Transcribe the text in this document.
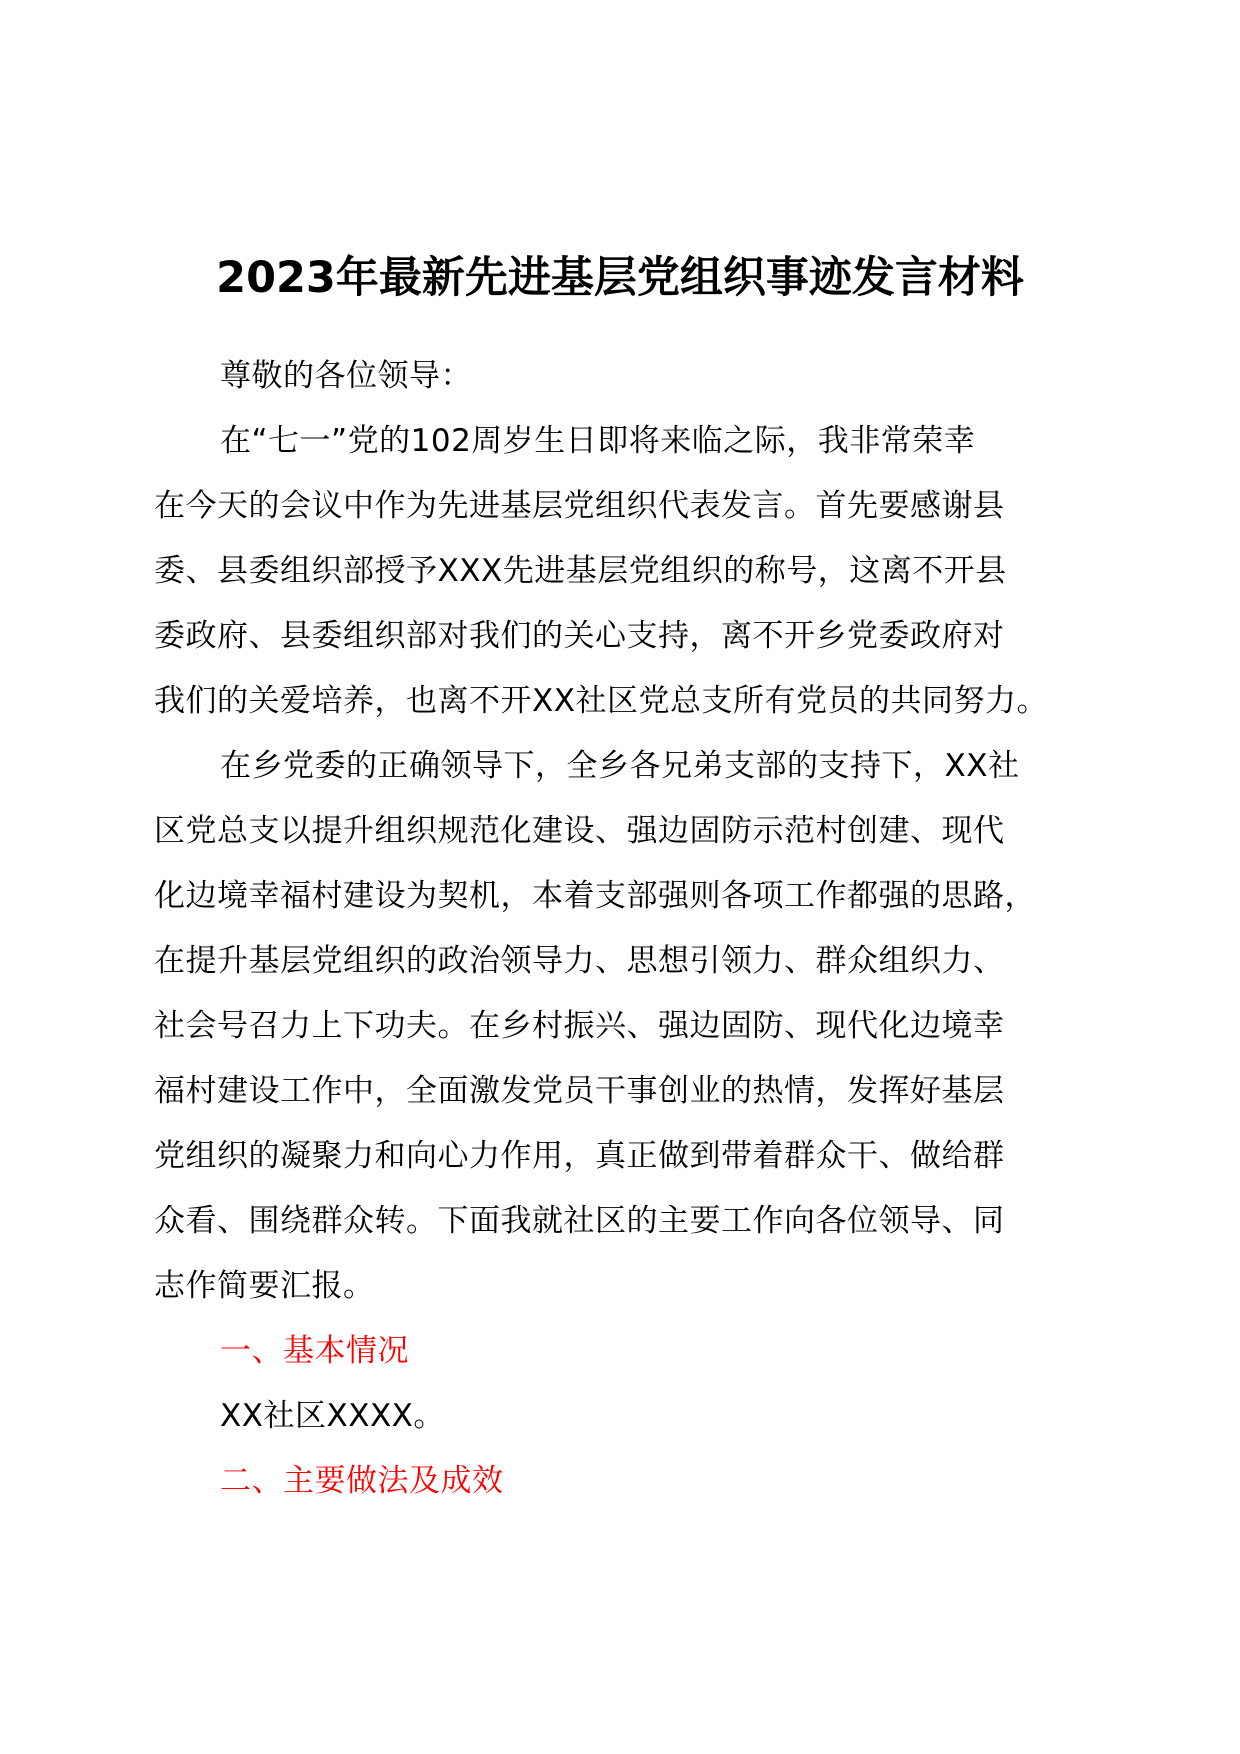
2023年最新先进基层党组织事迹发言材料

尊敬的各位领导：

在“七一”党的102周岁生日即将来临之际，我非常荣幸
在今天的会议中作为先进基层党组织代表发言。首先要感谢县
委、县委组织部授予XXX先进基层党组织的称号，这离不开县
委政府、县委组织部对我们的关心支持，离不开乡党委政府对
我们的关爱培养，也离不开XX社区党总支所有党员的共同努力。

在乡党委的正确领导下，全乡各兄弟支部的支持下，XX社
区党总支以提升组织规范化建设、强边固防示范村创建、现代
化边境幸福村建设为契机，本着支部强则各项工作都强的思路，
在提升基层党组织的政治领导力、思想引领力、群众组织力、
社会号召力上下功夫。在乡村振兴、强边固防、现代化边境幸
福村建设工作中，全面激发党员干事创业的热情，发挥好基层
党组织的凝聚力和向心力作用，真正做到带着群众干、做给群
众看、围绕群众转。下面我就社区的主要工作向各位领导、同
志作简要汇报。

一、基本情况

XX社区XXXX。

二、主要做法及成效
